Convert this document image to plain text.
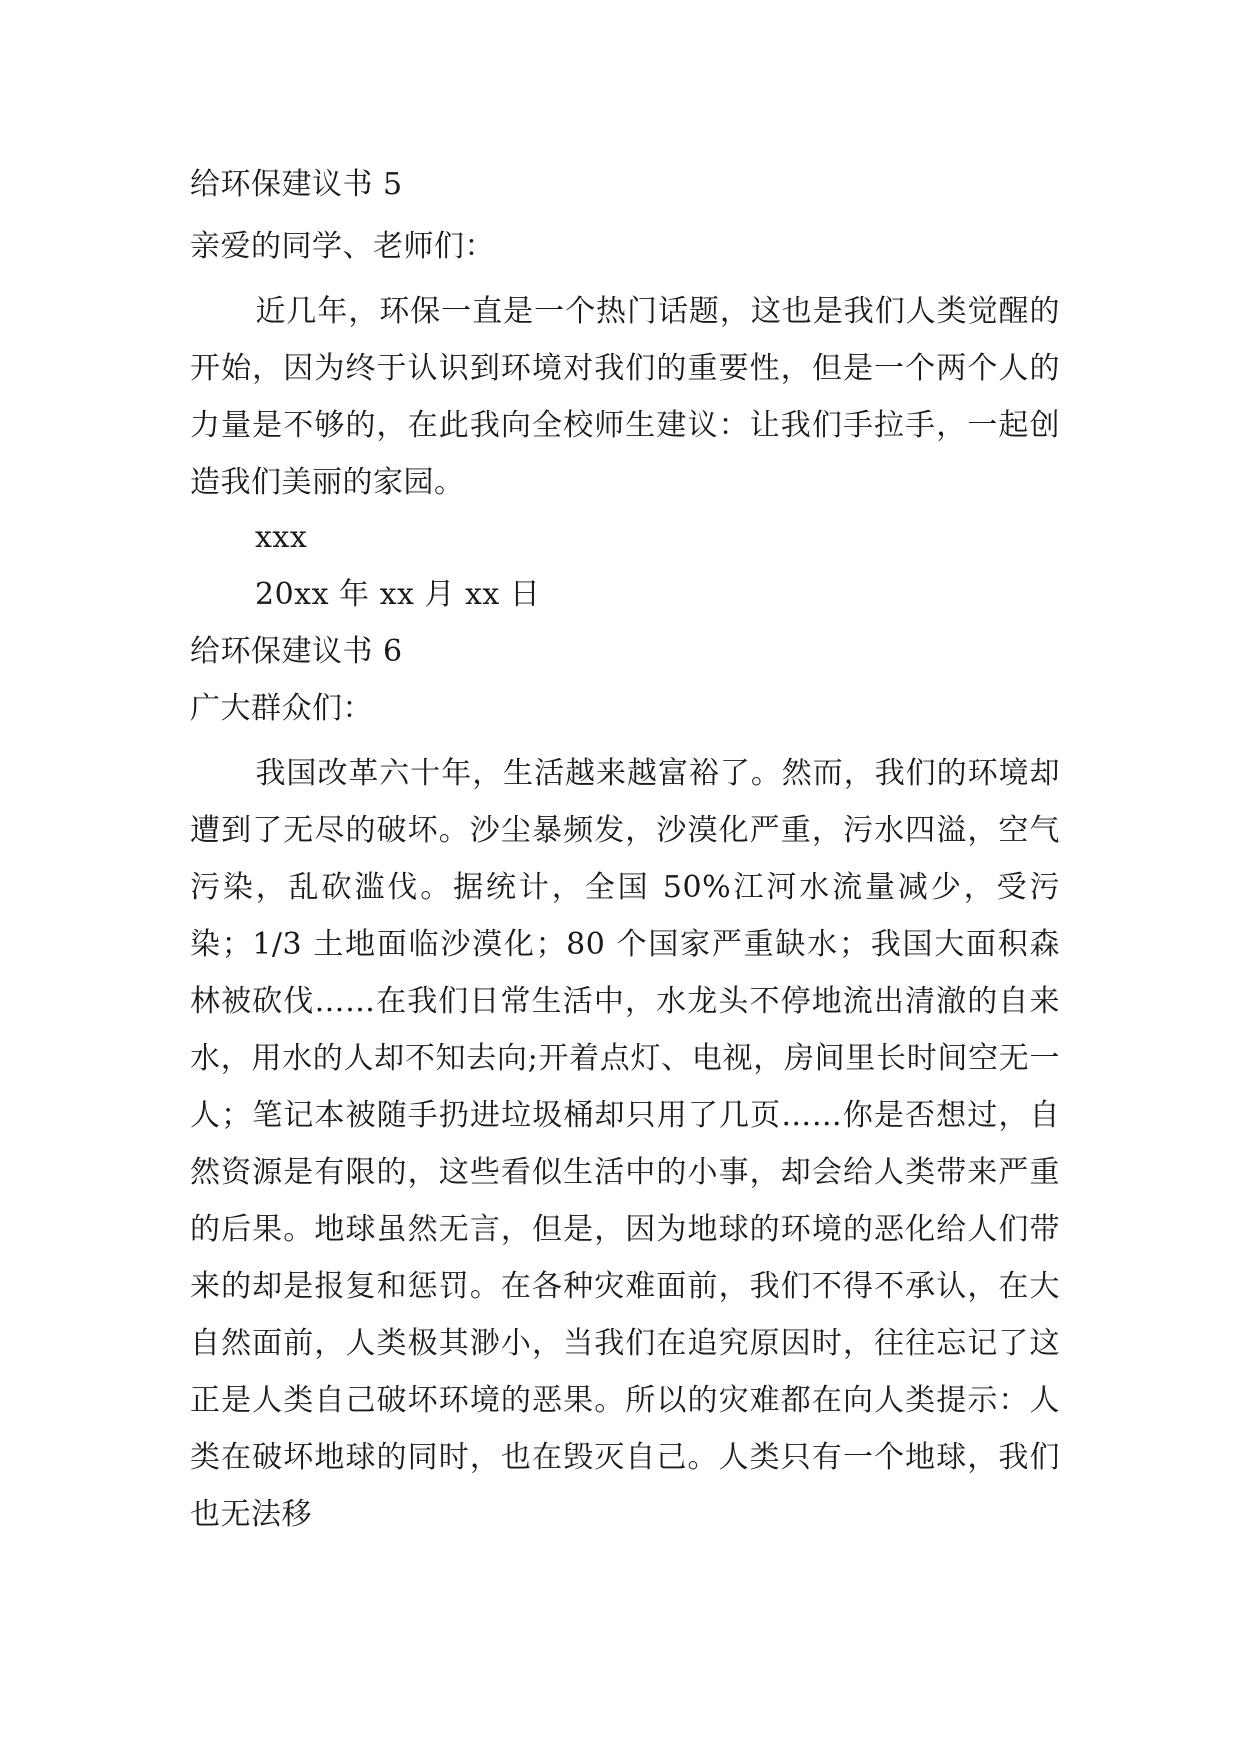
给环保建议书 5
亲爱的同学、老师们：
近几年，环保一直是一个热门话题，这也是我们人类觉醒的开始，因为终于认识到环境对我们的重要性，但是一个两个人的力量是不够的，在此我向全校师生建议：让我们手拉手，一起创造我们美丽的家园。
xxx
20xx 年 xx 月 xx 日
给环保建议书 6
广大群众们：
我国改革六十年，生活越来越富裕了。然而，我们的环境却遭到了无尽的破坏。沙尘暴频发，沙漠化严重，污水四溢，空气污染，乱砍滥伐。据统计，全国 50%江河水流量减少，受污染；1/3 土地面临沙漠化；80 个国家严重缺水；我国大面积森林被砍伐……在我们日常生活中，水龙头不停地流出清澈的自来水，用水的人却不知去向;开着点灯、电视，房间里长时间空无一人；笔记本被随手扔进垃圾桶却只用了几页……你是否想过，自然资源是有限的，这些看似生活中的小事，却会给人类带来严重的后果。地球虽然无言，但是，因为地球的环境的恶化给人们带来的却是报复和惩罚。在各种灾难面前，我们不得不承认，在大自然面前，人类极其渺小，当我们在追究原因时，往往忘记了这正是人类自己破坏环境的恶果。所以的灾难都在向人类提示：人类在破坏地球的同时，也在毁灭自己。人类只有一个地球，我们也无法移
